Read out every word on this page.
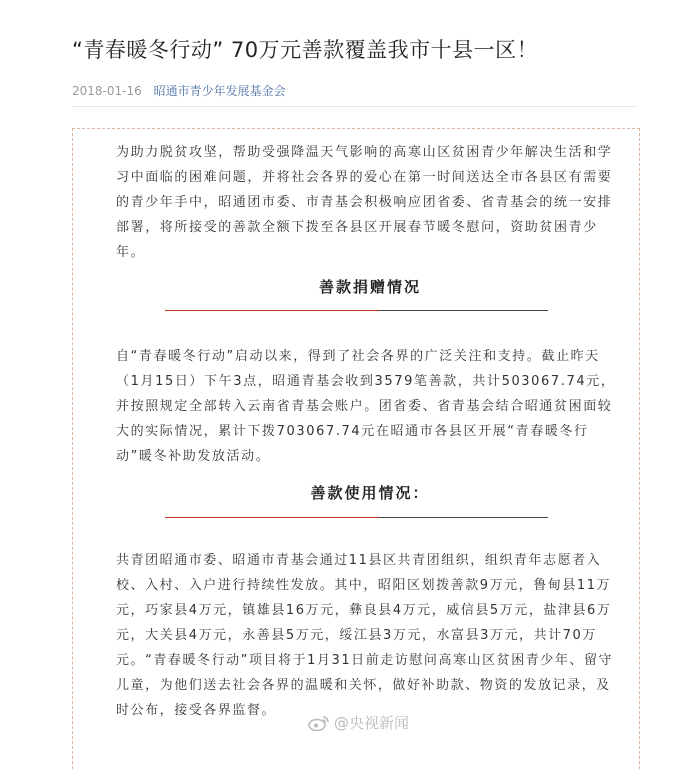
“青春暖冬行动” 70万元善款覆盖我市十县一区！
2018-01-16 昭通市青少年发展基金会

为助力脱贫攻坚，帮助受强降温天气影响的高寒山区贫困青少年解决生活和学习中面临的困难问题，并将社会各界的爱心在第一时间送达全市各县区有需要的青少年手中，昭通团市委、市青基会积极响应团省委、省青基会的统一安排部署，将所接受的善款全额下拨至各县区开展春节暖冬慰问，资助贫困青少年。

善款捐赠情况

自“青春暖冬行动”启动以来，得到了社会各界的广泛关注和支持。截止昨天（1月15日）下午3点，昭通青基会收到3579笔善款，共计503067.74元，并按照规定全部转入云南省青基会账户。团省委、省青基会结合昭通贫困面较大的实际情况，累计下拨703067.74元在昭通市各县区开展“青春暖冬行动”暖冬补助发放活动。

善款使用情况：

共青团昭通市委、昭通市青基会通过11县区共青团组织，组织青年志愿者入校、入村、入户进行持续性发放。其中，昭阳区划拨善款9万元，鲁甸县11万元，巧家县4万元，镇雄县16万元，彝良县4万元，威信县5万元，盐津县6万元，大关县4万元，永善县5万元，绥江县3万元，水富县3万元，共计70万元。“青春暖冬行动”项目将于1月31日前走访慰问高寒山区贫困青少年、留守儿童，为他们送去社会各界的温暖和关怀，做好补助款、物资的发放记录，及时公布，接受各界监督。

@央视新闻
